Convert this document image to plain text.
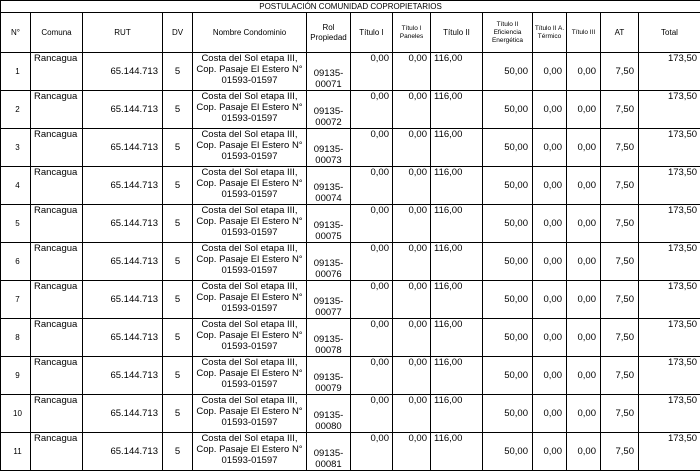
POSTULACIÓN COMUNIDAD COPROPIETARIOS													
N°	Comuna	RUT	DV	Nombre Condominio	Rol Propiedad	Título I	Título I Paneles	Título II	Título II Eficiencia Energética	Título II A. Térmico	Título III	AT	Total
1	Rancagua	65.144.713	5	Costa del Sol etapa III, Cop. Pasaje El Estero N° 01593-01597	09135-00071	0,00	0,00	116,00	50,00	0,00	0,00	7,50	173,50
2	Rancagua	65.144.713	5	Costa del Sol etapa III, Cop. Pasaje El Estero N° 01593-01597	09135-00072	0,00	0,00	116,00	50,00	0,00	0,00	7,50	173,50
3	Rancagua	65.144.713	5	Costa del Sol etapa III, Cop. Pasaje El Estero N° 01593-01597	09135-00073	0,00	0,00	116,00	50,00	0,00	0,00	7,50	173,50
4	Rancagua	65.144.713	5	Costa del Sol etapa III, Cop. Pasaje El Estero N° 01593-01597	09135-00074	0,00	0,00	116,00	50,00	0,00	0,00	7,50	173,50
5	Rancagua	65.144.713	5	Costa del Sol etapa III, Cop. Pasaje El Estero N° 01593-01597	09135-00075	0,00	0,00	116,00	50,00	0,00	0,00	7,50	173,50
6	Rancagua	65.144.713	5	Costa del Sol etapa III, Cop. Pasaje El Estero N° 01593-01597	09135-00076	0,00	0,00	116,00	50,00	0,00	0,00	7,50	173,50
7	Rancagua	65.144.713	5	Costa del Sol etapa III, Cop. Pasaje El Estero N° 01593-01597	09135-00077	0,00	0,00	116,00	50,00	0,00	0,00	7,50	173,50
8	Rancagua	65.144.713	5	Costa del Sol etapa III, Cop. Pasaje El Estero N° 01593-01597	09135-00078	0,00	0,00	116,00	50,00	0,00	0,00	7,50	173,50
9	Rancagua	65.144.713	5	Costa del Sol etapa III, Cop. Pasaje El Estero N° 01593-01597	09135-00079	0,00	0,00	116,00	50,00	0,00	0,00	7,50	173,50
10	Rancagua	65.144.713	5	Costa del Sol etapa III, Cop. Pasaje El Estero N° 01593-01597	09135-00080	0,00	0,00	116,00	50,00	0,00	0,00	7,50	173,50
11	Rancagua	65.144.713	5	Costa del Sol etapa III, Cop. Pasaje El Estero N° 01593-01597	09135-00081	0,00	0,00	116,00	50,00	0,00	0,00	7,50	173,50
